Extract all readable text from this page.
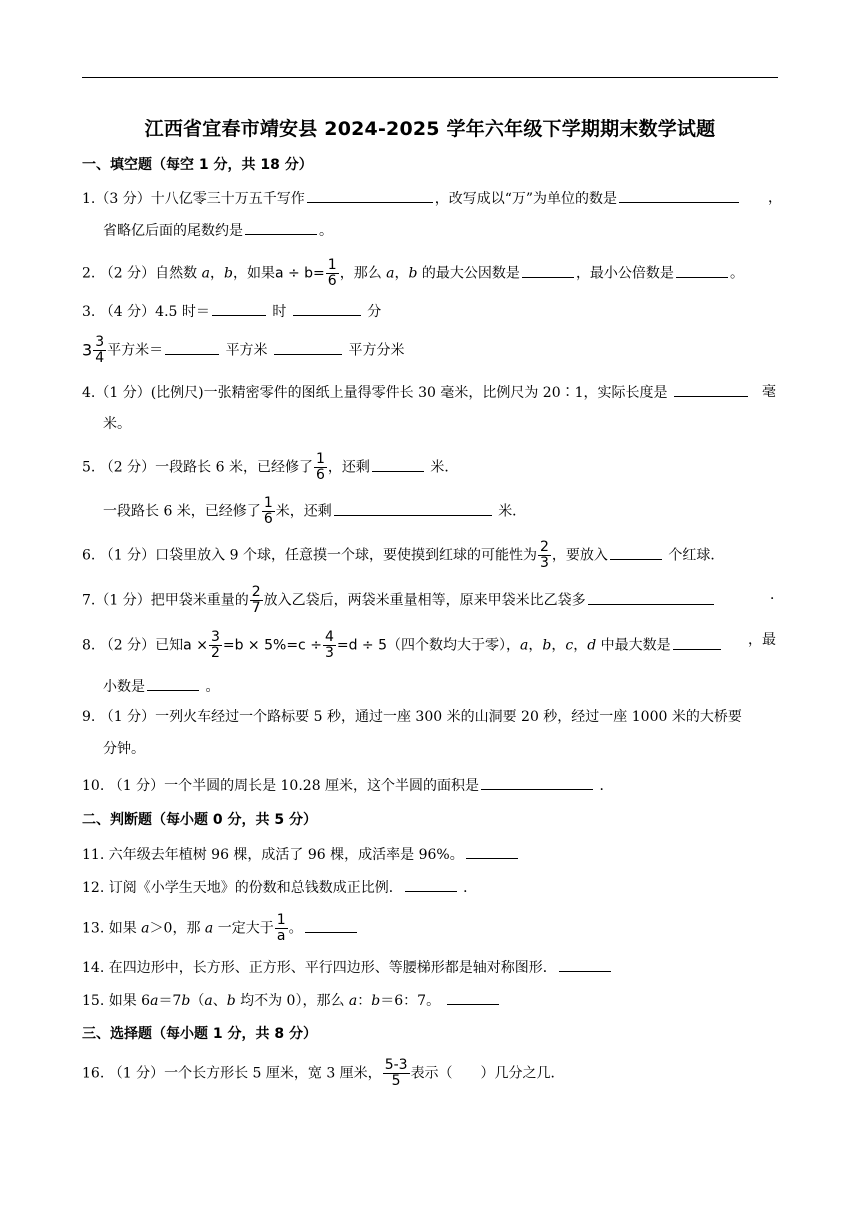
江西省宜春市靖安县 2024-2025 学年六年级下学期期末数学试题
一、填空题（每空 1 分，共 18 分）
1.（3 分）十八亿零三十万五千写作	，改写成以“万”为单位的数是	，
省略亿后面的尾数约是	。
2. （2 分）自然数 a，b，如果$a \div b= \frac{1}{6}$ ，那么 a，b 的最大公因数是	，最小公倍数是	。
3. （4 分）4.5 时＝	时	分
$3 \frac{3}{4}$ 平方米＝	平方米	平方分米
4.（1 分）(比例尺)一张精密零件的图纸上量得零件长 30 毫米，比例尺为 20∶1，实际长度是	毫
米。
5. （2 分）一段路长 6 米，已经修了 $\frac{1}{6}$ ，还剩	米．
一段路长 6 米，已经修了 $\frac{1}{6}$ 米，还剩	米．
6. （1 分）口袋里放入 9 个球，任意摸一个球，要使摸到红球的可能性为 $\frac{2}{3}$ ，要放入	个红球．
7.（1 分）把甲袋米重量的 $\frac{2}{7}$ 放入乙袋后，两袋米重量相等，原来甲袋米比乙袋多	．
8. （2 分）已知$a \times \frac{3}{2} =b \times 5\%=c \div \frac{4}{3} =d \div 5$（四个数均大于零），a，b，c，d 中最大数是	，最
小数是	。
9. （1 分）一列火车经过一个路标要 5 秒，通过一座 300 米的山洞要 20 秒，经过一座 1000 米的大桥要
分钟。
10. （1 分）一个半圆的周长是 10.28 厘米，这个半圆的面积是	．
二、判断题（每小题 0 分，共 5 分）
11. 六年级去年植树 96 棵，成活了 96 棵，成活率是 96%。
12. 订阅《小学生天地》的份数和总钱数成正比例．	．
13. 如果 a＞0，那 a 一定大于 $\frac{1}{a}$ 。
14. 在四边形中，长方形、正方形、平行四边形、等腰梯形都是轴对称图形．
15. 如果 6a＝7b（a、b 均不为 0），那么 a：b＝6：7。
三、选择题（每小题 1 分，共 8 分）
16. （1 分）一个长方形长 5 厘米，宽 3 厘米， $\frac{5-3}{5}$ 表示（　　）几分之几．
